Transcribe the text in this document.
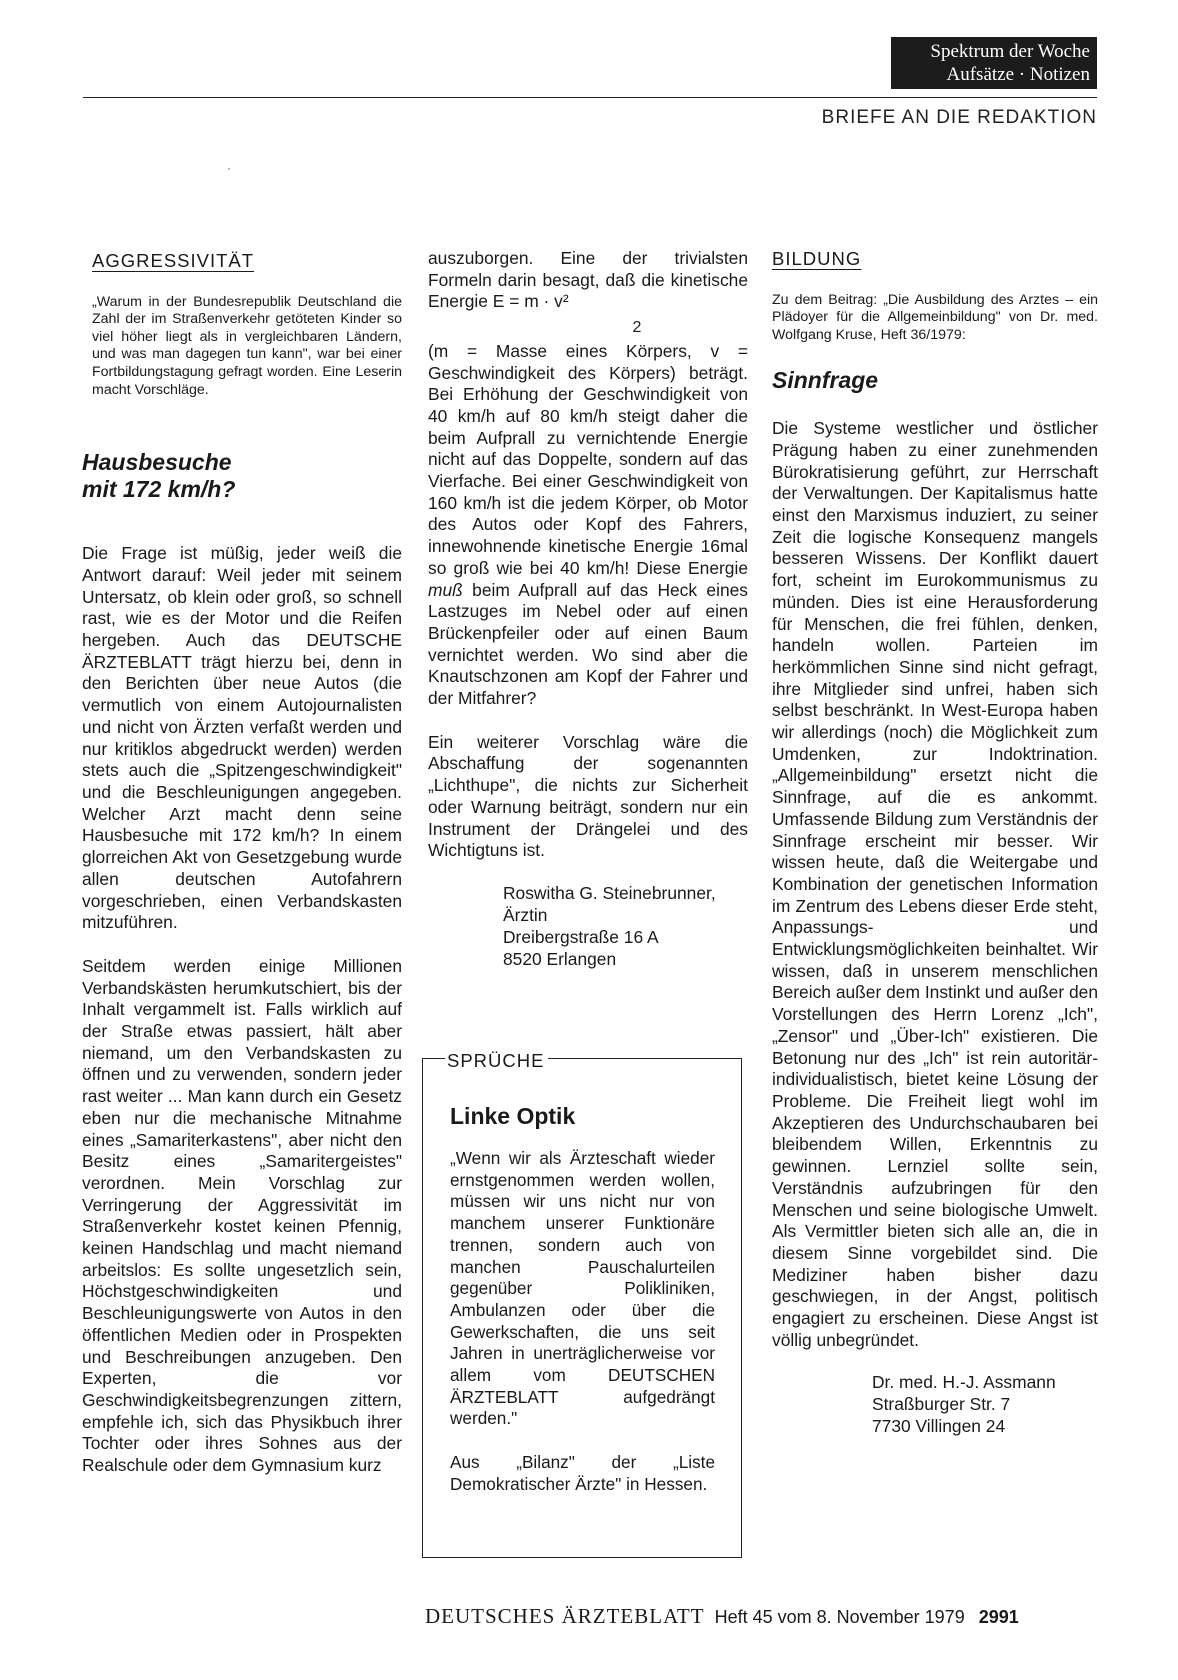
Spektrum der Woche
Aufsätze · Notizen
BRIEFE AN DIE REDAKTION

AGGRESSIVITÄT

„Warum in der Bundesrepublik Deutschland die Zahl der im Straßenverkehr getöteten Kinder so viel höher liegt als in vergleichbaren Ländern, und was man dagegen tun kann", war bei einer Fortbildungstagung gefragt worden. Eine Leserin macht Vorschläge.

Hausbesuche
mit 172 km/h?

Die Frage ist müßig, jeder weiß die Antwort darauf: Weil jeder mit seinem Untersatz, ob klein oder groß, so schnell rast, wie es der Motor und die Reifen hergeben. Auch das DEUTSCHE ÄRZTEBLATT trägt hierzu bei, denn in den Berichten über neue Autos (die vermutlich von einem Autojournalisten und nicht von Ärzten verfaßt werden und nur kritiklos abgedruckt werden) werden stets auch die „Spitzengeschwindigkeit" und die Beschleunigungen angegeben. Welcher Arzt macht denn seine Hausbesuche mit 172 km/h? In einem glorreichen Akt von Gesetzgebung wurde allen deutschen Autofahrern vorgeschrieben, einen Verbandskasten mitzuführen.

Seitdem werden einige Millionen Verbandskästen herumkutschiert, bis der Inhalt vergammelt ist. Falls wirklich auf der Straße etwas passiert, hält aber niemand, um den Verbandskasten zu öffnen und zu verwenden, sondern jeder rast weiter ... Man kann durch ein Gesetz eben nur die mechanische Mitnahme eines „Samariterkastens", aber nicht den Besitz eines „Samaritergeistes" verordnen. Mein Vorschlag zur Verringerung der Aggressivität im Straßenverkehr kostet keinen Pfennig, keinen Handschlag und macht niemand arbeitslos: Es sollte ungesetzlich sein, Höchstgeschwindigkeiten und Beschleunigungswerte von Autos in den öffentlichen Medien oder in Prospekten und Beschreibungen anzugeben. Den Experten, die vor Geschwindigkeitsbegrenzungen zittern, empfehle ich, sich das Physikbuch ihrer Tochter oder ihres Sohnes aus der Realschule oder dem Gymnasium kurz

auszuborgen. Eine der trivialsten Formeln darin besagt, daß die kinetische Energie E = m · v²

2

(m = Masse eines Körpers, v = Geschwindigkeit des Körpers) beträgt. Bei Erhöhung der Geschwindigkeit von 40 km/h auf 80 km/h steigt daher die beim Aufprall zu vernichtende Energie nicht auf das Doppelte, sondern auf das Vierfache. Bei einer Geschwindigkeit von 160 km/h ist die jedem Körper, ob Motor des Autos oder Kopf des Fahrers, innewohnende kinetische Energie 16mal so groß wie bei 40 km/h! Diese Energie muß beim Aufprall auf das Heck eines Lastzuges im Nebel oder auf einen Brückenpfeiler oder auf einen Baum vernichtet werden. Wo sind aber die Knautschzonen am Kopf der Fahrer und der Mitfahrer?

Ein weiterer Vorschlag wäre die Abschaffung der sogenannten „Lichthupe", die nichts zur Sicherheit oder Warnung beiträgt, sondern nur ein Instrument der Drängelei und des Wichtigtuns ist.

Roswitha G. Steinebrunner,
Ärztin
Dreibergstraße 16 A
8520 Erlangen
SPRÜCHE
Linke Optik

„Wenn wir als Ärzteschaft wieder ernstgenommen werden wollen, müssen wir uns nicht nur von manchem unserer Funktionäre trennen, sondern auch von manchen Pauschalurteilen gegenüber Polikliniken, Ambulanzen oder über die Gewerkschaften, die uns seit Jahren in unerträglicherweise vor allem vom DEUTSCHEN ÄRZTEBLATT aufgedrängt werden."

Aus „Bilanz" der „Liste Demokratischer Ärzte" in Hessen.

BILDUNG

Zu dem Beitrag: „Die Ausbildung des Arztes – ein Plädoyer für die Allgemeinbildung" von Dr. med. Wolfgang Kruse, Heft 36/1979:

Sinnfrage

Die Systeme westlicher und östlicher Prägung haben zu einer zunehmenden Bürokratisierung geführt, zur Herrschaft der Verwaltungen. Der Kapitalismus hatte einst den Marxismus induziert, zu seiner Zeit die logische Konsequenz mangels besseren Wissens. Der Konflikt dauert fort, scheint im Eurokommunismus zu münden. Dies ist eine Herausforderung für Menschen, die frei fühlen, denken, handeln wollen. Parteien im herkömmlichen Sinne sind nicht gefragt, ihre Mitglieder sind unfrei, haben sich selbst beschränkt. In West-Europa haben wir allerdings (noch) die Möglichkeit zum Umdenken, zur Indoktrination. „Allgemeinbildung" ersetzt nicht die Sinnfrage, auf die es ankommt. Umfassende Bildung zum Verständnis der Sinnfrage erscheint mir besser. Wir wissen heute, daß die Weitergabe und Kombination der genetischen Information im Zentrum des Lebens dieser Erde steht, Anpassungs- und Entwicklungsmöglichkeiten beinhaltet. Wir wissen, daß in unserem menschlichen Bereich außer dem Instinkt und außer den Vorstellungen des Herrn Lorenz „Ich", „Zensor" und „Über-Ich" existieren. Die Betonung nur des „Ich" ist rein autoritär-individualistisch, bietet keine Lösung der Probleme. Die Freiheit liegt wohl im Akzeptieren des Undurchschaubaren bei bleibendem Willen, Erkenntnis zu gewinnen. Lernziel sollte sein, Verständnis aufzubringen für den Menschen und seine biologische Umwelt. Als Vermittler bieten sich alle an, die in diesem Sinne vorgebildet sind. Die Mediziner haben bisher dazu geschwiegen, in der Angst, politisch engagiert zu erscheinen. Diese Angst ist völlig unbegründet.

Dr. med. H.-J. Assmann
Straßburger Str. 7
7730 Villingen 24
DEUTSCHES ÄRZTEBLATT Heft 45 vom 8. November 1979 2991
